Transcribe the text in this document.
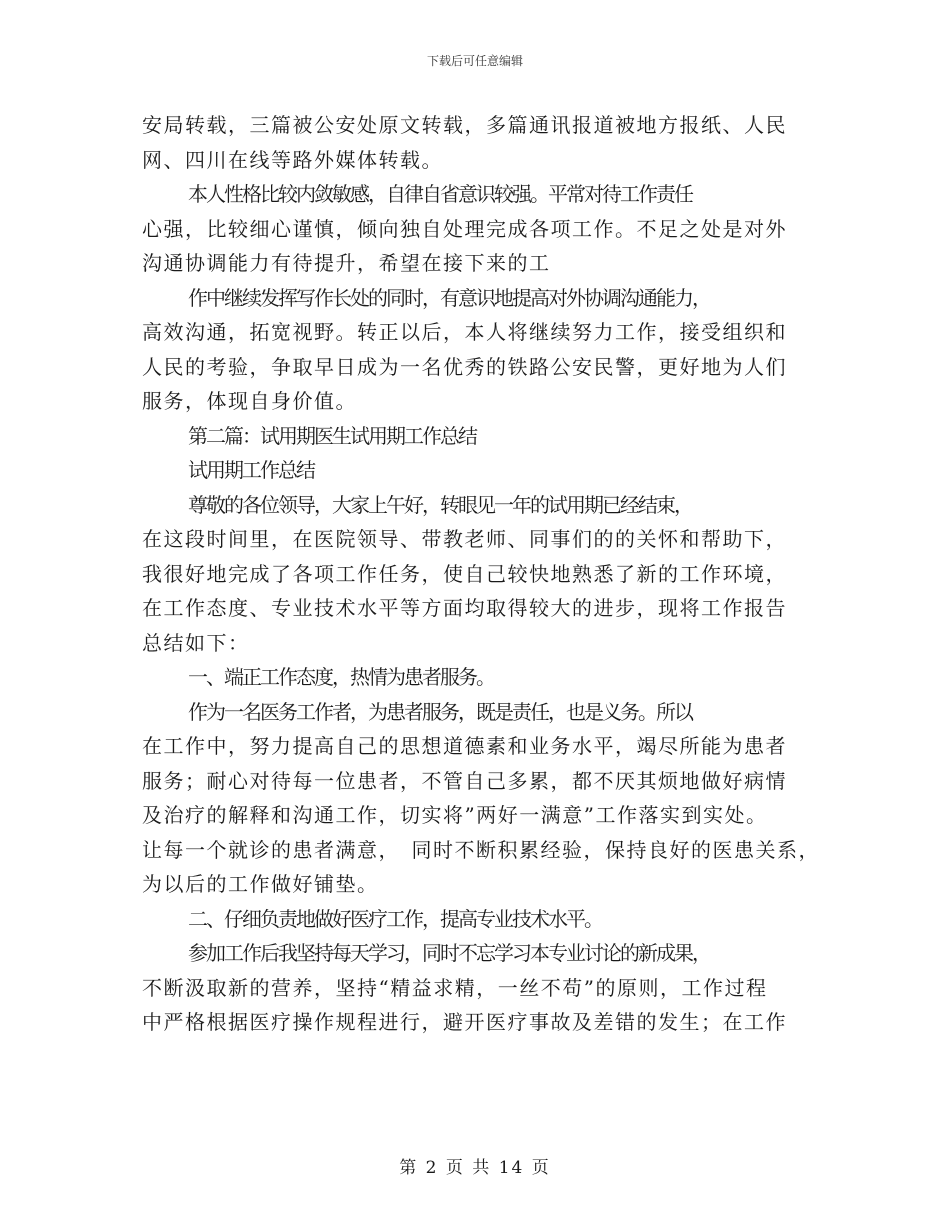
下载后可任意编辑
安局转载，三篇被公安处原文转载，多篇通讯报道被地方报纸、人民
网、四川在线等路外媒体转载。
本人性格比较内敛敏感，自律自省意识较强。平常对待工作责任
心强，比较细心谨慎，倾向独自处理完成各项工作。不足之处是对外
沟通协调能力有待提升，希望在接下来的工
作中继续发挥写作长处的同时，有意识地提高对外协调沟通能力，
高效沟通，拓宽视野。转正以后，本人将继续努力工作，接受组织和
人民的考验，争取早日成为一名优秀的铁路公安民警，更好地为人们
服务，体现自身价值。
第二篇：试用期医生试用期工作总结
试用期工作总结
尊敬的各位领导，大家上午好，转眼见一年的试用期已经结束，
在这段时间里，在医院领导、带教老师、同事们的的关怀和帮助下，
我很好地完成了各项工作任务，使自己较快地熟悉了新的工作环境，
在工作态度、专业技术水平等方面均取得较大的进步，现将工作报告
总结如下：
一、端正工作态度，热情为患者服务。
作为一名医务工作者，为患者服务，既是责任，也是义务。所以
在工作中，努力提高自己的思想道德素和业务水平，竭尽所能为患者
服务；耐心对待每一位患者，不管自己多累，都不厌其烦地做好病情
及治疗的解释和沟通工作，切实将”两好一满意”工作落实到实处。
让每一个就诊的患者满意，　同时不断积累经验，保持良好的医患关系，
为以后的工作做好铺垫。
二、仔细负责地做好医疗工作，提高专业技术水平。
参加工作后我坚持每天学习，同时不忘学习本专业讨论的新成果，
不断汲取新的营养，坚持“精益求精，一丝不苟”的原则，工作过程
中严格根据医疗操作规程进行，避开医疗事故及差错的发生；在工作
第 2 页 共 14 页
